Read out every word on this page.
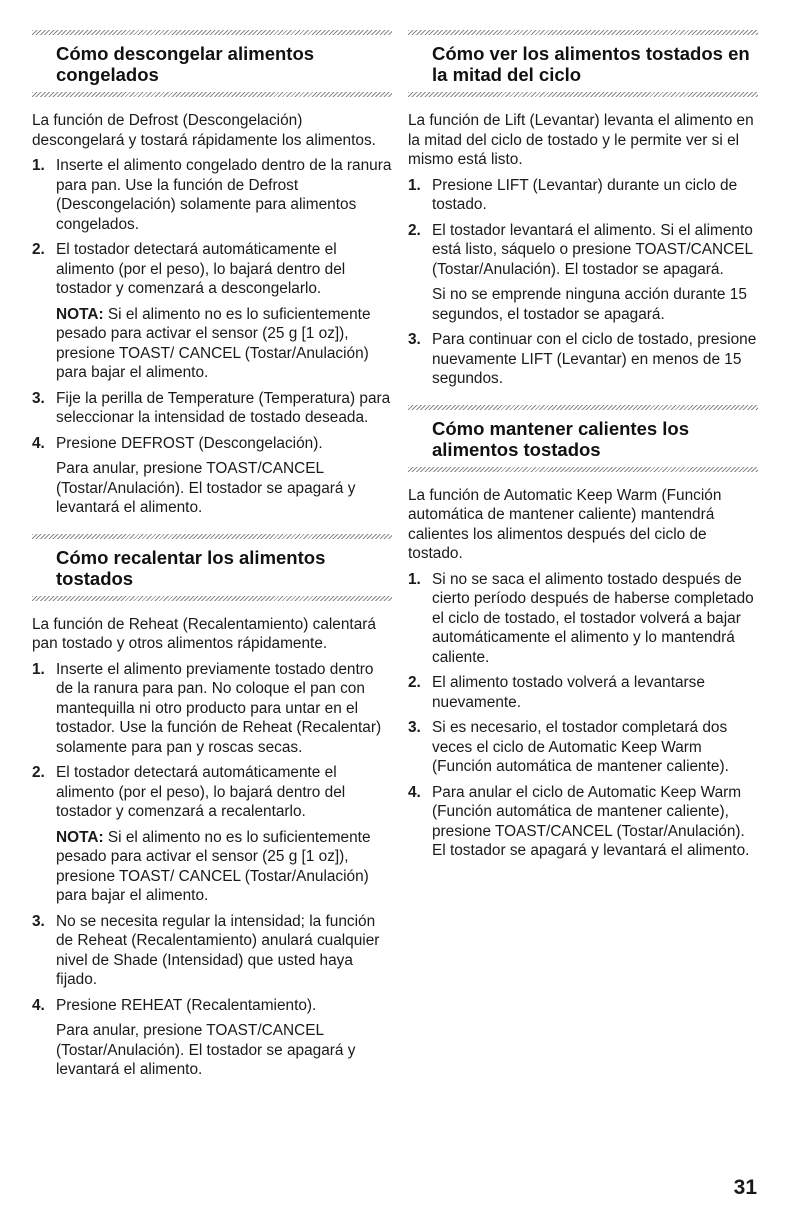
Cómo descongelar alimentos congelados

La función de Defrost (Descongelación) descongelará y tostará rápidamente los alimentos.

1. Inserte el alimento congelado dentro de la ranura para pan. Use la función de Defrost (Descongelación) solamente para alimentos congelados.

2. El tostador detectará automáticamente el alimento (por el peso), lo bajará dentro del tostador y comenzará a descongelarlo.

NOTA: Si el alimento no es lo suficientemente pesado para activar el sensor (25 g [1 oz]), presione TOAST/ CANCEL (Tostar/Anulación) para bajar el alimento.

3. Fije la perilla de Temperature (Temperatura) para seleccionar la intensidad de tostado deseada.

4. Presione DEFROST (Descongelación).

Para anular, presione TOAST/CANCEL (Tostar/Anulación). El tostador se apagará y levantará el alimento.

Cómo recalentar los alimentos tostados

La función de Reheat (Recalentamiento) calentará pan tostado y otros alimentos rápidamente.

1. Inserte el alimento previamente tostado dentro de la ranura para pan. No coloque el pan con mantequilla ni otro producto para untar en el tostador. Use la función de Reheat (Recalentar) solamente para pan y roscas secas.

2. El tostador detectará automáticamente el alimento (por el peso), lo bajará dentro del tostador y comenzará a recalentarlo.

NOTA: Si el alimento no es lo suficientemente pesado para activar el sensor (25 g [1 oz]), presione TOAST/ CANCEL (Tostar/Anulación) para bajar el alimento.

3. No se necesita regular la intensidad; la función de Reheat (Recalentamiento) anulará cualquier nivel de Shade (Intensidad) que usted haya fijado.

4. Presione REHEAT (Recalentamiento).

Para anular, presione TOAST/CANCEL (Tostar/Anulación). El tostador se apagará y levantará el alimento.

Cómo ver los alimentos tostados en la mitad del ciclo

La función de Lift (Levantar) levanta el alimento en la mitad del ciclo de tostado y le permite ver si el mismo está listo.

1. Presione LIFT (Levantar) durante un ciclo de tostado.

2. El tostador levantará el alimento. Si el alimento está listo, sáquelo o presione TOAST/CANCEL (Tostar/Anulación). El tostador se apagará.

Si no se emprende ninguna acción durante 15 segundos, el tostador se apagará.

3. Para continuar con el ciclo de tostado, presione nuevamente LIFT (Levantar) en menos de 15 segundos.

Cómo mantener calientes los alimentos tostados

La función de Automatic Keep Warm (Función automática de mantener caliente) mantendrá calientes los alimentos después del ciclo de tostado.

1. Si no se saca el alimento tostado después de cierto período después de haberse completado el ciclo de tostado, el tostador volverá a bajar automáticamente el alimento y lo mantendrá caliente.

2. El alimento tostado volverá a levantarse nuevamente.

3. Si es necesario, el tostador completará dos veces el ciclo de Automatic Keep Warm (Función automática de mantener caliente).

4. Para anular el ciclo de Automatic Keep Warm (Función automática de mantener caliente), presione TOAST/CANCEL (Tostar/Anulación). El tostador se apagará y levantará el alimento.

31
